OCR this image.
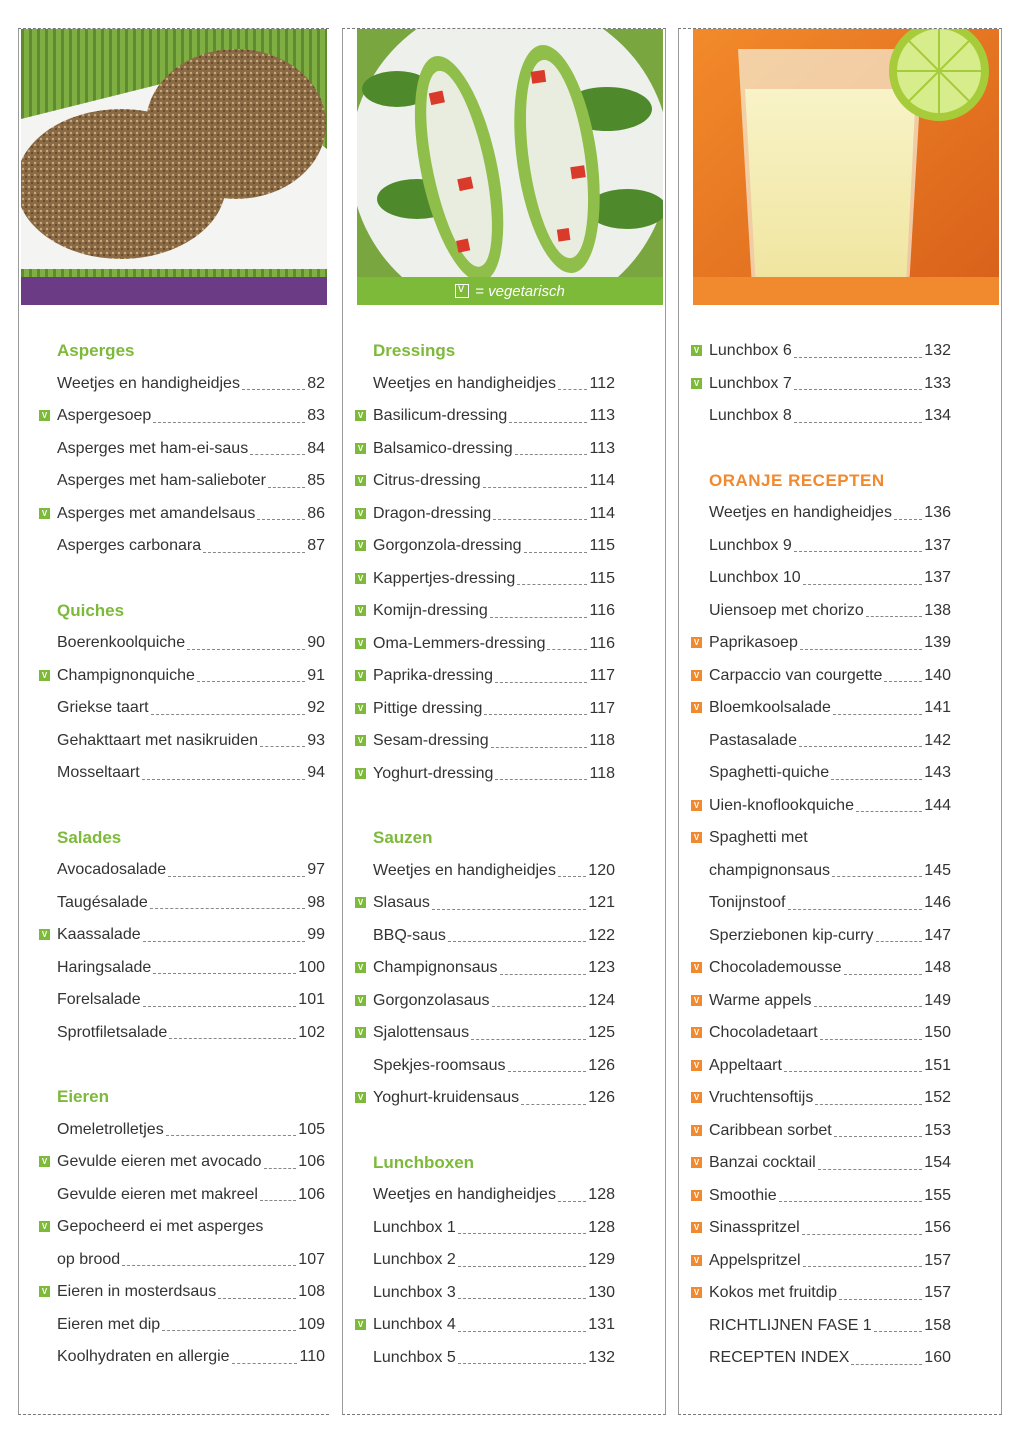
Asperges
Weetjes en handigheidjes	82
V Aspergesoep	83
Asperges met ham-ei-saus	84
Asperges met ham-salieboter	85
V Asperges met amandelsaus	86
Asperges carbonara	87
Quiches
Boerenkoolquiche	90
V Champignonquiche	91
Griekse taart	92
Gehakttaart met nasikruiden	93
Mosseltaart	94
Salades
Avocadosalade	97
Taugésalade	98
V Kaassalade	99
Haringsalade	100
Forelsalade	101
Sprotfiletsalade	102
Eieren
Omeletrolletjes	105
V Gevulde eieren met avocado 106
Gevulde eieren met makreel	106
V Gepocheerd ei met asperges
op brood	107
V Eieren in mosterdsaus	108
Eieren met dip	109
Koolhydraten en allergie	110
v
= vegetarisch
Dressings
Weetjes en handigheidjes 112
V Basilicum-dressing	113
V Balsamico-dressing	113
V Citrus-dressing	114
V Dragon-dressing	114
V Gorgonzola-dressing	115
V Kappertjes-dressing	115
V Komijn-dressing	116
V Oma-Lemmers-dressing	116
V Paprika-dressing	117
V Pittige dressing	117
V Sesam-dressing	118
V Yoghurt-dressing	118
Sauzen
Weetjes en handigheidjes 120
V Slasaus	121
BBQ-saus	122
V Champignonsaus	123
V Gorgonzolasaus	124
V Sjalottensaus	125
Spekjes-roomsaus	126
V Yoghurt-kruidensaus	126
Lunchboxen
Weetjes en handigheidjes 128
Lunchbox 1	128
Lunchbox 2	129
Lunchbox 3	130
V Lunchbox 4	131
Lunchbox 5	132
V Lunchbox 6	132
V Lunchbox 7	133
Lunchbox 8	134
ORANJE RECEPTEN
Weetjes en handigheidjes 136
Lunchbox 9	137
Lunchbox 10	137
Uiensoep met chorizo	138
V Paprikasoep	139
V Carpaccio van courgette	140
V Bloemkoolsalade	141
Pastasalade	142
Spaghetti-quiche	143
V Uien-knoflookquiche	144
V Spaghetti met
champignonsaus	145
Tonijnstoof	146
Sperziebonen kip-curry	147
V Chocolademousse	148
V Warme appels	149
V Chocoladetaart	150
V Appeltaart	151
V Vruchtensoftijs	152
V Caribbean sorbet	153
V Banzai cocktail	154
V Smoothie	155
V Sinasspritzel	156
V Appelspritzel	157
V Kokos met fruitdip	157
RICHTLIJNEN FASE 1	158
RECEPTEN INDEX	160
